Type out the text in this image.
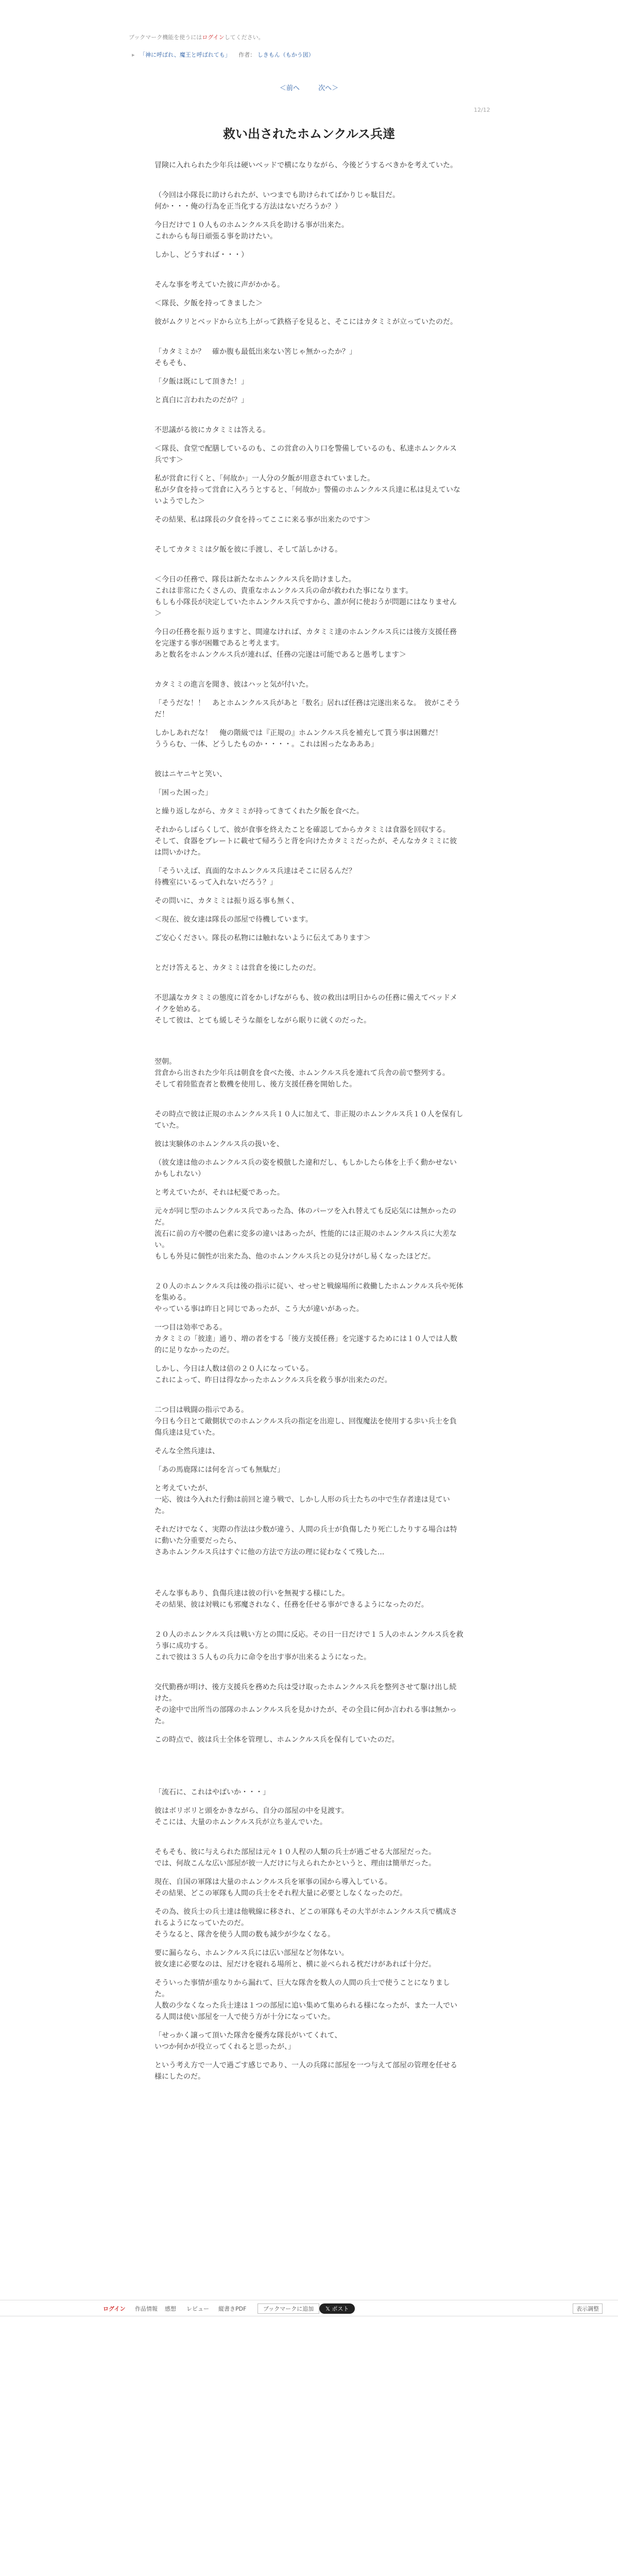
ブックマーク機能を使うにはログインしてください。
▸ 「神に呼ばれ、魔王と呼ばれても」 作者： しきもん（もかう図）
＜前へ	次へ＞
12/12
救い出されたホムンクルス兵達

冒険に入れられた少年兵は硬いベッドで横になりながら、今後どうするべきかを考えていた。

（今回は小隊長に助けられたが、いつまでも助けられてばかりじゃ駄目だ。
何か・・・俺の行為を正当化する方法はないだろうか？）

今日だけで１０人ものホムンクルス兵を助ける事が出来た。
これからも毎日頑張る事を助けたい。

しかし、どうすれば・・・）

そんな事を考えていた彼に声がかかる。

＜隊長、夕飯を持ってきました＞

彼がムクリとベッドから立ち上がって鉄格子を見ると、そこにはカタミミが立っていたのだ。

「カタミミか？　確か腹も最低出来ない筈じゃ無かったか？」
そもそも、

「夕飯は既にして頂きた！」

と真白に言われたのだが？」

不思議がる彼にカタミミは答える。

＜隊長、食堂で配膳しているのも、この営倉の入り口を警備しているのも、私達ホムンクルス兵です＞

私が営倉に行くと、「何故か」一人分の夕飯が用意されていました。
私が夕食を持って営倉に入ろうとすると、「何故か」警備のホムンクルス兵達に私は見えていないようでした＞

その結果、私は隊長の夕食を持ってここに来る事が出来たのです＞

そしてカタミミは夕飯を彼に手渡し、そして話しかける。

＜今日の任務で、隊長は新たなホムンクルス兵を助けました。
これは非常にたくさんの、貴重なホムンクルス兵の命が救われた事になります。
もしも小隊長が決定していたホムンクルス兵ですから、誰が何に使おうが問題にはなりません＞

今日の任務を振り返りますと、間違なければ、カタミミ達のホムンクルス兵には後方支援任務を完遂する事が困難であると考えます。
あと数名をホムンクルス兵が連れば、任務の完遂は可能であると愚考します＞

カタミミの進言を聞き、彼はハッと気が付いた。

「そうだな！！　あとホムンクルス兵があと「数名」居れば任務は完遂出来るな。　彼がこそうだ！

しかしあれだな！　俺の階級では『正規の』ホムンクルス兵を補充して貰う事は困難だ！
ううらむ、一体、どうしたものか・・・・。これは困ったなあああ」

彼はニヤニヤと笑い、

「困った困った」

と繰り返しながら、カタミミが持ってきてくれた夕飯を食べた。

それからしばらくして、彼が食事を終えたことを確認してからカタミミは食器を回収する。
そして、食器をプレートに載せて帰ろうと背を向けたカタミミだったが、そんなカタミミに彼は問いかけた。

「そういえば、真面的なホムンクルス兵達はそこに居るんだ？
待機室にいるって入れないだろう？」

その問いに、カタミミは振り返る事も無く、

＜現在、彼女達は隊長の部屋で待機しています。

ご安心ください。隊長の私物には触れないように伝えてあります＞

とだけ答えると、カタミミは営倉を後にしたのだ。

不思議なカタミミの態度に首をかしげながらも、彼の救出は明日からの任務に備えてベッドメイクを始める。
そして彼は、とても緩しそうな顔をしながら眠りに就くのだった。

翌朝。
営倉から出された少年兵は朝食を食べた後、ホムンクルス兵を連れて兵舎の前で整列する。
そして着陸監査者と数機を使用し、後方支援任務を開始した。

その時点で彼は正規のホムンクルス兵１０人に加えて、非正規のホムンクルス兵１０人を保有していた。

彼は実験体のホムンクルス兵の扱いを、

（彼女達は他のホムンクルス兵の姿を模倣した違和だし、もしかしたら体を上手く動かせないかもしれない）

と考えていたが、それは杞憂であった。

元々が同じ型のホムンクルス兵であった為、体のパーツを入れ替えても反応気には無かったのだ。
流石に前の方や腰の色素に変多の違いはあったが、性能的には正規のホムンクルス兵に大差ない。
もしも外見に個性が出来た為、他のホムンクルス兵との見分けがし易くなったほどだ。

２０人のホムンクルス兵は後の指示に従い、せっせと戦線場所に救働したホムンクルス兵や死体を集める。
やっている事は昨日と同じであったが、こう大が違いがあった。

一つ目は効率である。
カタミミの「彼達」通り、増の者をする「後方支援任務」を完遂するためには１０人では人数的に足りなかったのだ。

しかし、今日は人数は倍の２０人になっている。
これによって、昨日は得なかったホムンクルス兵を救う事が出来たのだ。

二つ目は戦闘の指示である。
今日も今日とて敵側状でのホムンクルス兵の指定を出迎し、回復魔法を使用する歩い兵士を負傷兵達は見ていた。

そんな全然兵達は、

「あの馬鹿隊には何を言っても無駄だ」

と考えていたが、
一応、彼は今入れた行動は前回と違う戦で、しかし人形の兵士たちの中で生存者達は見ていた。

それだけでなく、実際の作法は少数が違う、人間の兵士が負傷したり死亡したりする場合は特に動いた分重要だったら、
さあホムンクルス兵はすぐに他の方法で方法の理に従わなくて残した...

そんな事もあり、負傷兵達は彼の行いを無視する様にした。
その結果、彼は対戦にも邪魔されなく、任務を任せる事ができるようになったのだ。

２０人のホムンクルス兵は戦い方との間に反応。その日一日だけで１５人のホムンクルス兵を救う事に成功する。
これで彼は３５人もの兵力に命令を出す事が出来るようになった。

交代勤務が明け、後方支援兵を務めた兵は受け取ったホムンクルス兵を整列させて駆け出し続けた。
その途中で出所当の部隊のホムンクルス兵を見かけたが、その全員に何か言われる事は無かった。

この時点で、彼は兵士全体を管理し、ホムンクルス兵を保有していたのだ。

「流石に、これはやばいか・・・」

彼はボリボリと頭をかきながら、自分の部屋の中を見渡す。
そこには、大量のホムンクルス兵が立ち並んでいた。

そもそも、彼に与えられた部屋は元々１０人程の人類の兵士が過ごせる大部屋だった。
では、何故こんな広い部屋が彼一人だけに与えられたかというと、理由は簡単だった。

現在、自国の軍隊は大量のホムンクルス兵を軍事の国から導入している。
その結果、どこの軍隊も人間の兵士をそれ程大量に必要としなくなったのだ。

その為、彼兵士の兵士達は他戦線に移され、どこの軍隊もその大半がホムンクルス兵で構成されるようになっていたのだ。
そうなると、隊舎を使う人間の数も減少が少なくなる。

要に漏らなら、ホムンクルス兵には広い部屋など勿体ない。
彼女達に必要なのは、屋だけを寝れる場所と、横に並べられる枕だけがあれば十分だ。

そういった事情が重なりから漏れて、巨大な隊舎を数人の人間の兵士で使うことになりました。
人数の少なくなった兵士達は１つの部屋に追い集めて集められる様になったが、また一人でいる人間は使い部屋を一人で使う方が十分になっていた。

「せっかく譲って頂いた隊舎を優秀な隊長がいてくれて、
いつか何かが役立ってくれると思ったが、」

という考え方で一人で過ごす感じであり、一人の兵隊に部屋を一つ与えて部屋の管理を任せる様にしたのだ。

ログイン 作品情報 感想 レビュー 縦書きPDF	ブックマークに追加	𝕏 ポスト	表示調整
